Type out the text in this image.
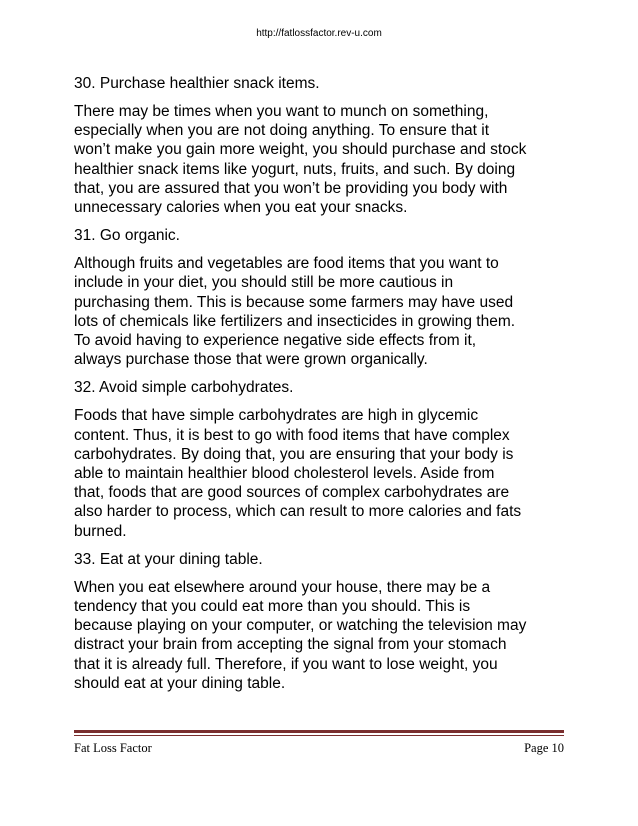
http://fatlossfactor.rev-u.com
30. Purchase healthier snack items.
There may be times when you want to munch on something,
especially when you are not doing anything. To ensure that it
won’t make you gain more weight, you should purchase and stock
healthier snack items like yogurt, nuts, fruits, and such. By doing
that, you are assured that you won’t be providing you body with
unnecessary calories when you eat your snacks.
31. Go organic.
Although fruits and vegetables are food items that you want to
include in your diet, you should still be more cautious in
purchasing them. This is because some farmers may have used
lots of chemicals like fertilizers and insecticides in growing them.
To avoid having to experience negative side effects from it,
always purchase those that were grown organically.
32. Avoid simple carbohydrates.
Foods that have simple carbohydrates are high in glycemic
content. Thus, it is best to go with food items that have complex
carbohydrates. By doing that, you are ensuring that your body is
able to maintain healthier blood cholesterol levels. Aside from
that, foods that are good sources of complex carbohydrates are
also harder to process, which can result to more calories and fats
burned.
33. Eat at your dining table.
When you eat elsewhere around your house, there may be a
tendency that you could eat more than you should. This is
because playing on your computer, or watching the television may
distract your brain from accepting the signal from your stomach
that it is already full. Therefore, if you want to lose weight, you
should eat at your dining table.
Fat Loss Factor	Page 10
